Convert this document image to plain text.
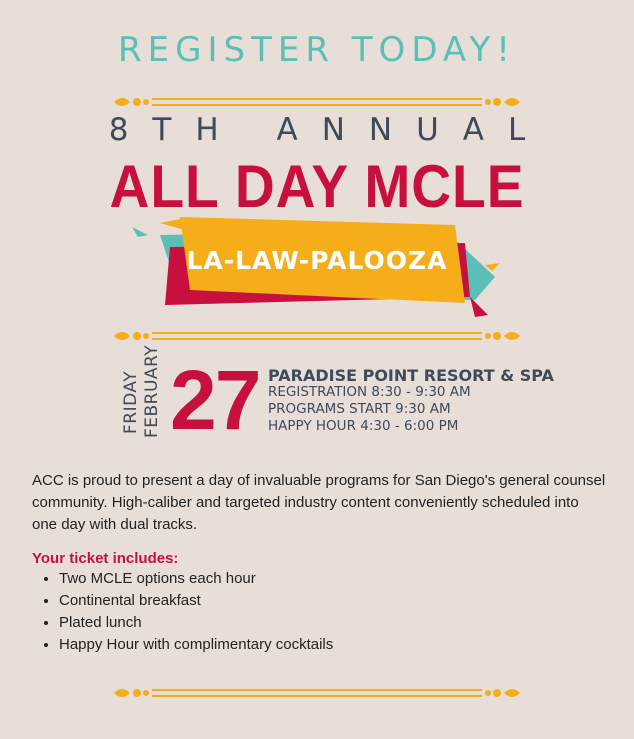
REGISTER TODAY!
8TH ANNUAL
ALL DAY MCLE
LA-LAW-PALOOZA
FRIDAY FEBRUARY 27 PARADISE POINT RESORT & SPA
REGISTRATION 8:30 - 9:30 AM
PROGRAMS START 9:30 AM
HAPPY HOUR 4:30 - 6:00 PM
ACC is proud to present a day of invaluable programs for San Diego's general counsel community. High-caliber and targeted industry content conveniently scheduled into one day with dual tracks.
Your ticket includes:
• Two MCLE options each hour
• Continental breakfast
• Plated lunch
• Happy Hour with complimentary cocktails
